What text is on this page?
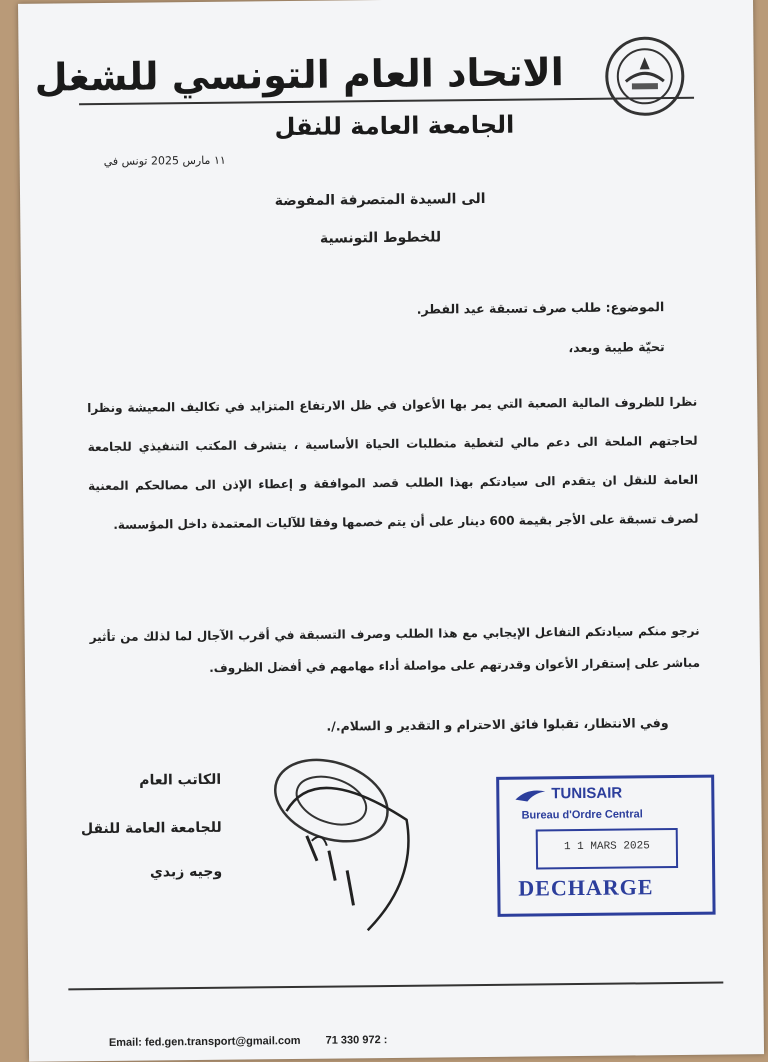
الاتحاد العام التونسي للشغل
الجامعة العامة للنقل
١١ مارس 2025 تونس في
الى السيدة المتصرفة المفوضة
للخطوط التونسية
الموضوع: طلب صرف تسبقة عيد الفطر.
تحيّة طيبة وبعد،
نظرا للظروف المالية الصعبة التي يمر بها الأعوان في ظل الارتفاع المتزايد في تكاليف المعيشة ونظرا لحاجتهم الملحة الى دعم مالي لتغطية متطلبات الحياة الأساسية ، يتشرف المكتب التنفيذي للجامعة العامة للنقل ان يتقدم الى سيادتكم بهذا الطلب قصد الموافقة و إعطاء الإذن الى مصالحكم المعنية لصرف تسبقة على الأجر بقيمة 600 دينار على أن يتم خصمها وفقا للآليات المعتمدة داخل المؤسسة.
نرجو منكم سيادتكم التفاعل الإيجابي مع هذا الطلب وصرف التسبقة في أقرب الآجال لما لذلك من تأثير مباشر على إستقرار الأعوان وقدرتهم على مواصلة أداء مهامهم في أفضل الظروف.
وفي الانتظار، تقبلوا فائق الاحترام و التقدير و السلام./.
الكاتب العام
للجامعة العامة للنقل
وجيه زبدي
TUNISAIR
Bureau d'Ordre Central
1 1 MARS 2025
DECHARGE
Email: fed.gen.transport@gmail.com 71 330 972 :
